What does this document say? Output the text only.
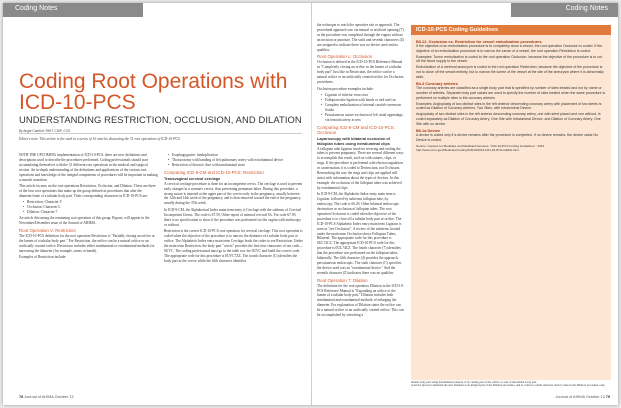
Coding Notes	Coding Notes
Coding Root Operations with ICD-10-PCS
UNDERSTANDING RESTRICTION, OCCLUSION, AND DILATION
By Angie Comfort, RHIT, CDIP, CCS
Editor's note: This article is the sixth in a series of 10 articles discussing the 31 root operations of ICD-10-PCS.

WITH THE UPCOMING implementation of ICD-10-PCS, there are new definitions and descriptions used to describe the procedures performed. Coding professionals should start accumulating themselves with the 31 different root operations in the medical and surgical section. An in-depth understanding of the definitions and applications of the various root operations and knowledge of the integral components of procedures will be important in making a smooth transition.

This article focuses on the root operations Restriction, Occlusion, and Dilation. These are three of the four root operations that make up the group defined as procedures that alter the diameter/route of a tubular body part. Their corresponding characters in ICD-10-PCS are:

• Restriction: Character V
• Occlusion: Character L
• Dilation: Character 7

An article discussing the remaining root operation of this group, Bypass, will appear in the November/December issue of the Journal of AHIMA.

Root Operation V: Restriction

The ICD-10-PCS definition for the root operation Restriction is "Partially closing an orifice or the lumen of a tubular body part." For Restriction, the orifice can be a natural orifice or an artificially created orifice. Restriction includes either intraluminal or extraluminal methods for narrowing the diameter (for example, stents or bands).

Examples of Restriction include:

• Esophagogastric fundoplication
• Thoracotomy with banding of left pulmonary artery with extraluminal device
• Restriction of thoracic duct with intraluminal stent
Comparing ICD-9-CM and ICD-10-PCS: Restriction
Transvaginal cervical cerclage

A cervical cerclage procedure is done for an incompetent cervix. The cerclage is used to prevent early changes in a woman's cervix, thus preventing premature labor. During this procedure, a strong suture is inserted at the upper part of the cervix early in the pregnancy, usually between the 12th and 14th week of the pregnancy, and is then removed toward the end of the pregnancy, usually during the 37th week.

In ICD-9-CM, the Alphabetical Index main term entry is Cerclage with the subterm of Cervical Incompetent Uterus. The code is 67.59, Other repair of internal cervical Os. For code 67.59, there is no specification to show if the procedure was performed via the vagina with endoscopy or without.

Restriction is the correct ICD-10-PCS root operation for cervical cerclage. This root operation is coded when the objective of the procedure is to narrow the diameter of a tubular body part or orifice. The Alphabetic Index entry main term Cerclage leads the coder to see Restriction. Under the main term Restriction, the body part "cervix" provides the first four characters of our code—0UVC. The coding professional must go to the table row for 0UVC and build the correct code. The appropriate code for this procedure is 0UVC7ZZ. The fourth character (C) identifies the body part as the cervix while the fifth character identifies

the technique to reach the operative site or approach. The procedural approach was via natural or artificial opening (7) as the procedure was completed through the vagina without an incision or puncture. The sixth and seventh characters (Z) are assigned to indicate there was no device used and no qualifier.

Root Operation L: Occlusion

Occlusion is defined in the ICD-10-PCS Reference Manual as "Completely closing an orifice or the lumen of a tubular body part" Just like in Restriction, the orifice can be a natural orifice or an artificially created orifice for Occlusion procedures.

Occlusion procedure examples include:

• Ligation of inferior vena cava
• Fallopian tube ligation with bands or tied and cut
• Complete embolization of internal carotid-cavernous fistula
• Percutaneous suture exclusion of left atrial appendage, via femoral artery access
Comparing ICD-9-CM and ICD-10-PCS: Occlusion
Laparoscopy with bilateral occlusion of fallopian tubes using extraluminal clips

A fallopian tube ligation involves severing and sealing the tubes to prevent pregnancy. There are several different ways to accomplish this result, such as with sutures, clips, or rings. If the procedure is performed with electrocoagulation or cauterization, it is coded to Destruction, not Occlusion. Researching the way the rings and clips are applied will assist with information about the types of devices. In this example, the occlusion of the fallopian tubes was achieved by extraluminal clips.

In ICD-9-CM, the Alphabetic Index entry main term is Ligation, followed by subterms fallopian tube, by endoscopy. The code is 66.29, Other bilateral endoscopic destruction or occlusion of fallopian tubes. The root operation Occlusion is coded when the objective of the procedure is to close off a tubular body part or orifice. The ICD-10-PCS Alphabetic Index entry main term Ligation is seen as "see Occlusion". A review of the subterms located under the main term Occlusion shows Fallopian Tubes, Bilateral. The appropriate code for this procedure is 0UL74CZ. The appropriate ICD-10-PCS code for this procedure is 0UL74CZ. The fourth character (7) identifies that the procedure was performed on the fallopian tubes, bilaterally. The fifth character (4) provides the approach, percutaneous endoscopic. The sixth character (C) specifies the device used was an "extraluminal device." And the seventh character (Z) indicates there was no qualifier.

Root Operation 7: Dilation

The definition for the root operation Dilation in the ICD-10-PCS Reference Manual is "Expanding an orifice or the lumen of a tubular body part." Dilation includes both intraluminal and extraluminal methods of enlarging the diameter. For explanation of Dilation states the orifice can be a natural orifice or an artificially created orifice. This can be accomplished by stretching a

ICD-10-PCS Coding Guidelines
B3.12. Occlusion vs. Restriction for vessel embolization procedures

If the objective of an embolization procedure is to completely close a vessel, the root operation Occlusion is coded. If the objective of an embolization procedure is to narrow the lumen of a vessel, the root operation Restriction is coded.

Examples: Tumor embolization is coded to the root operation Occlusion, because the objective of the procedure is to cut off the blood supply to the vessel.

Embolization of a cerebral aneurysm is coded to the root operation Restriction, because the objective of the procedure is not to close off the vessel entirely, but to narrow the lumen of the vessel at the site of the aneurysm where it is abnormally wide.

B4.4 Coronary arteries

The coronary arteries are classified as a single body part that is specified by number of sites treated and not by name or number of arteries. Separate body part values are used to specify the number of sites treated when the same procedure is performed on multiple sites in the coronary arteries.

Examples: Angioplasty of two distinct sites in the left anterior descending coronary artery with placement of two stents is coded as Dilation of Coronary Arteries, Two Sites, with Intraluminal Device.

Angioplasty of two distinct sites in the left anterior descending coronary artery, one with stent placed and one without, is coded separately as Dilation of Coronary Artery, One Site with Intraluminal Device, and Dilation of Coronary Artery, One Site with no device.

B6.1a Device

A device is coded only if a device remains after the procedure is completed. If no device remains, the device value No Device is coded.

Source: Centers for Medicare and Medicaid Services. "ICD-10-PCS Coding Guidelines." 2013. http://www.cms.gov/Medicare/Coding/ICD10/2013-ICD-10-PCS-GEMs.html.

tubular body part using intraluminal pressure or by cutting part of the orifice or wall of the tubular body part.

A device placed to maintain the new diameter is an integral part of the Dilation procedure, and is coded to a sixth-character device value in the Dilation procedure code.

78 Journal of AHIMA October 13	Journal of AHIMA October 13 79
